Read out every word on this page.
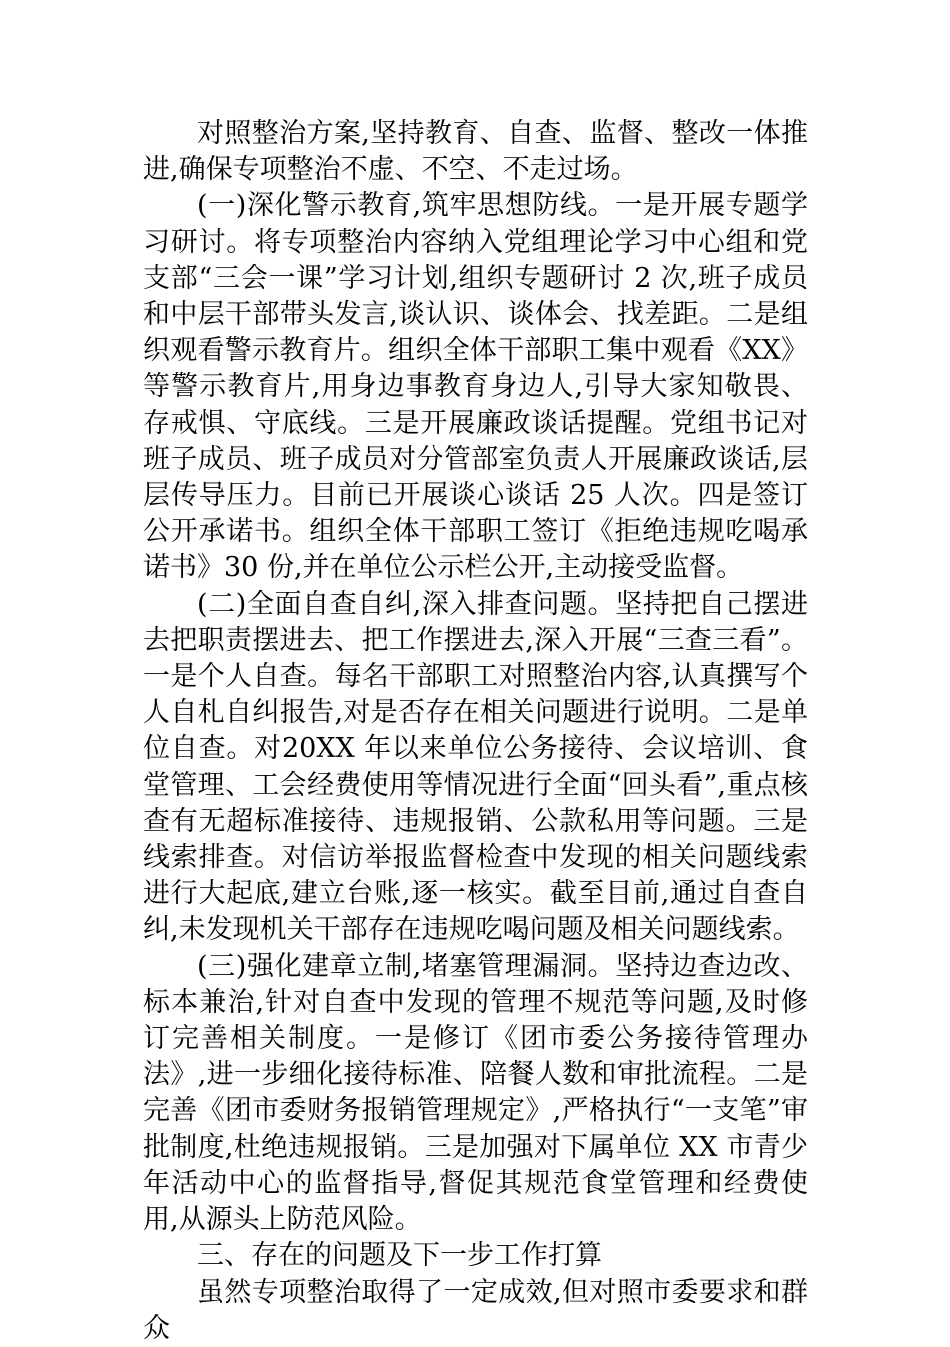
对照整治方案,坚持教育、自查、监督、整改一体推进,确保专项整治不虚、不空、不走过场。

(一)深化警示教育,筑牢思想防线。一是开展专题学习研讨。将专项整治内容纳入党组理论学习中心组和党支部“三会一课”学习计划,组织专题研讨 2 次,班子成员和中层干部带头发言,谈认识、谈体会、找差距。二是组织观看警示教育片。组织全体干部职工集中观看《XX》等警示教育片,用身边事教育身边人,引导大家知敬畏、存戒惧、守底线。三是开展廉政谈话提醒。党组书记对班子成员、班子成员对分管部室负责人开展廉政谈话,层层传导压力。目前已开展谈心谈话 25 人次。四是签订公开承诺书。组织全体干部职工签订《拒绝违规吃喝承诺书》30 份,并在单位公示栏公开,主动接受监督。

(二)全面自查自纠,深入排查问题。坚持把自己摆进去把职责摆进去、把工作摆进去,深入开展“三查三看”。一是个人自查。每名干部职工对照整治内容,认真撰写个人自札自纠报告,对是否存在相关问题进行说明。二是单位自查。对20XX 年以来单位公务接待、会议培训、食堂管理、工会经费使用等情况进行全面“回头看”,重点核查有无超标准接待、违规报销、公款私用等问题。三是线索排查。对信访举报监督检查中发现的相关问题线索进行大起底,建立台账,逐一核实。截至目前,通过自查自纠,未发现机关干部存在违规吃喝问题及相关问题线索。

(三)强化建章立制,堵塞管理漏洞。坚持边查边改、标本兼治,针对自查中发现的管理不规范等问题,及时修订完善相关制度。一是修订《团市委公务接待管理办法》,进一步细化接待标准、陪餐人数和审批流程。二是完善《团市委财务报销管理规定》,严格执行“一支笔”审批制度,杜绝违规报销。三是加强对下属单位 XX 市青少年活动中心的监督指导,督促其规范食堂管理和经费使用,从源头上防范风险。

三、存在的问题及下一步工作打算

虽然专项整治取得了一定成效,但对照市委要求和群众
